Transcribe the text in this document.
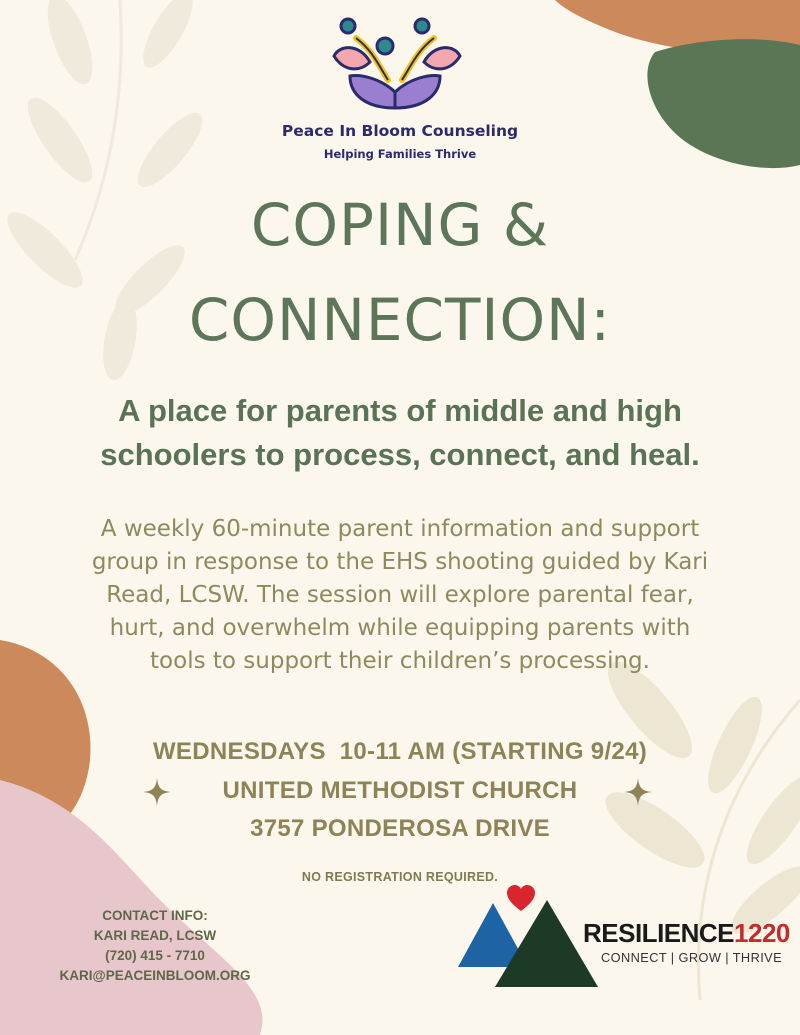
Peace In Bloom Counseling
Helping Families Thrive
COPING &
CONNECTION:
A place for parents of middle and high
schoolers to process, connect, and heal.
A weekly 60-minute parent information and support
group in response to the EHS shooting guided by Kari
Read, LCSW. The session will explore parental fear,
hurt, and overwhelm while equipping parents with
tools to support their children’s processing.
WEDNESDAYS  10-11 AM (STARTING 9/24)
UNITED METHODIST CHURCH
3757 PONDEROSA DRIVE
NO REGISTRATION REQUIRED.
CONTACT INFO:
KARI READ, LCSW
(720) 415 - 7710
KARI@PEACEINBLOOM.ORG
RESILIENCE1220
CONNECT | GROW | THRIVE
